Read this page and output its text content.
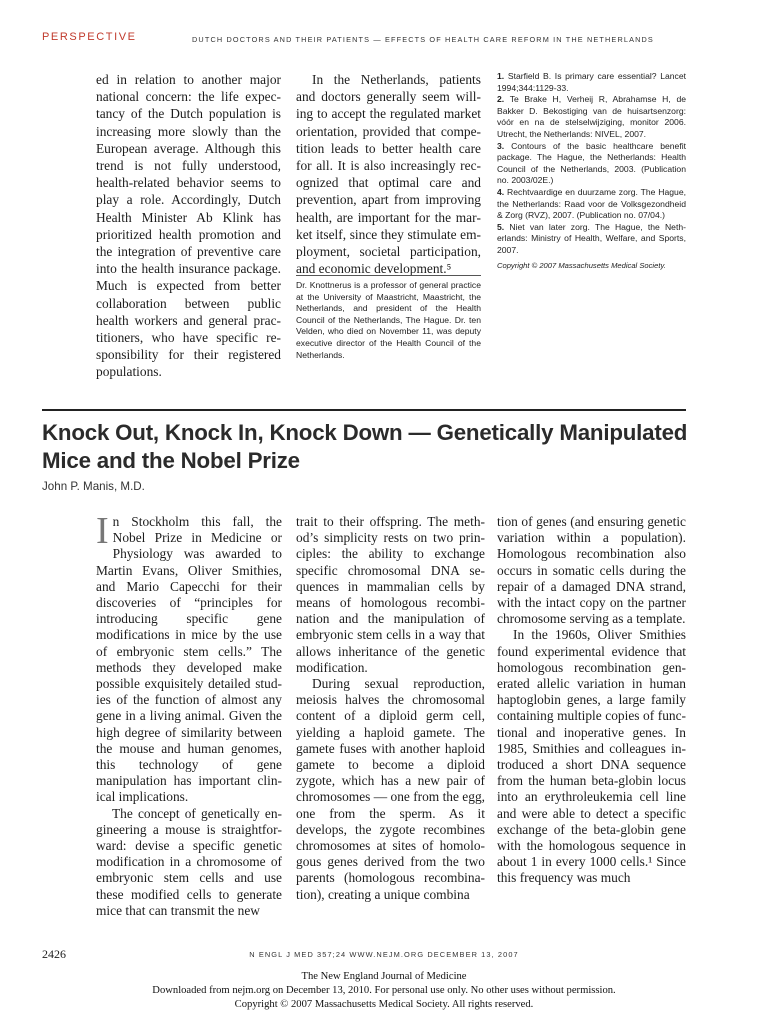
PERSPECTIVE	DUTCH DOCTORS AND THEIR PATIENTS — EFFECTS OF HEALTH CARE REFORM IN THE NETHERLANDS

ed in relation to another major national concern: the life expectancy of the Dutch population is increasing more slowly than the European average. Although this trend is not fully understood, health-related behavior seems to play a role. Accordingly, Dutch Health Minister Ab Klink has prioritized health promotion and the integration of preventive care into the health insurance package. Much is expected from better collaboration between public health workers and general practitioners, who have specific responsibility for their registered populations.

In the Netherlands, patients and doctors generally seem willing to accept the regulated market orientation, provided that competition leads to better health care for all. It is also increasingly recognized that optimal care and prevention, apart from improving health, are important for the market itself, since they stimulate employment, societal participation, and economic development.⁵

Dr. Knottnerus is a professor of general practice at the University of Maastricht, Maastricht, the Netherlands, and president of the Health Council of the Netherlands, The Hague. Dr. ten Velden, who died on November 11, was deputy executive director of the Health Council of the Netherlands.

1. Starfield B. Is primary care essential? Lancet 1994;344:1129-33.

2. Te Brake H, Verheij R, Abrahamse H, de Bakker D. Bekostiging van de huisartsenzorg: vóór en na de stelselwijziging, monitor 2006. Utrecht, the Netherlands: NIVEL, 2007.

3. Contours of the basic healthcare benefit package. The Hague, the Netherlands: Health Council of the Netherlands, 2003. (Publication no. 2003/02E.)

4. Rechtvaardige en duurzame zorg. The Hague, the Netherlands: Raad voor de Volksgezondheid & Zorg (RVZ), 2007. (Publication no. 07/04.)

5. Niet van later zorg. The Hague, the Netherlands: Ministry of Health, Welfare, and Sports, 2007.

Copyright © 2007 Massachusetts Medical Society.

Knock Out, Knock In, Knock Down — Genetically Manipulated Mice and the Nobel Prize
John P. Manis, M.D.

In Stockholm this fall, the Nobel Prize in Medicine or Physiology was awarded to Martin Evans, Oliver Smithies, and Mario Capecchi for their discoveries of “principles for introducing specific gene modifications in mice by the use of embryonic stem cells.” The methods they developed make possible exquisitely detailed studies of the function of almost any gene in a living animal. Given the high degree of similarity between the mouse and human genomes, this technology of gene manipulation has important clinical implications.

The concept of genetically engineering a mouse is straightforward: devise a specific genetic modification in a chromosome of embryonic stem cells and use these modified cells to generate mice that can transmit the new

trait to their offspring. The method’s simplicity rests on two principles: the ability to exchange specific chromosomal DNA sequences in mammalian cells by means of homologous recombination and the manipulation of embryonic stem cells in a way that allows inheritance of the genetic modification.

During sexual reproduction, meiosis halves the chromosomal content of a diploid germ cell, yielding a haploid gamete. The gamete fuses with another haploid gamete to become a diploid zygote, which has a new pair of chromosomes — one from the egg, one from the sperm. As it develops, the zygote recombines chromosomes at sites of homologous genes derived from the two parents (homologous recombination), creating a unique combina

tion of genes (and ensuring genetic variation within a population). Homologous recombination also occurs in somatic cells during the repair of a damaged DNA strand, with the intact copy on the partner chromosome serving as a template.

In the 1960s, Oliver Smithies found experimental evidence that homologous recombination generated allelic variation in human haptoglobin genes, a large family containing multiple copies of functional and inoperative genes. In 1985, Smithies and colleagues introduced a short DNA sequence from the human beta-globin locus into an erythroleukemia cell line and were able to detect a specific exchange of the beta-globin gene with the homologous sequence in about 1 in every 1000 cells.¹ Since this frequency was much

2426	N ENGL J MED 357;24 WWW.NEJM.ORG DECEMBER 13, 2007
The New England Journal of Medicine
Downloaded from nejm.org on December 13, 2010. For personal use only. No other uses without permission.
Copyright © 2007 Massachusetts Medical Society. All rights reserved.
